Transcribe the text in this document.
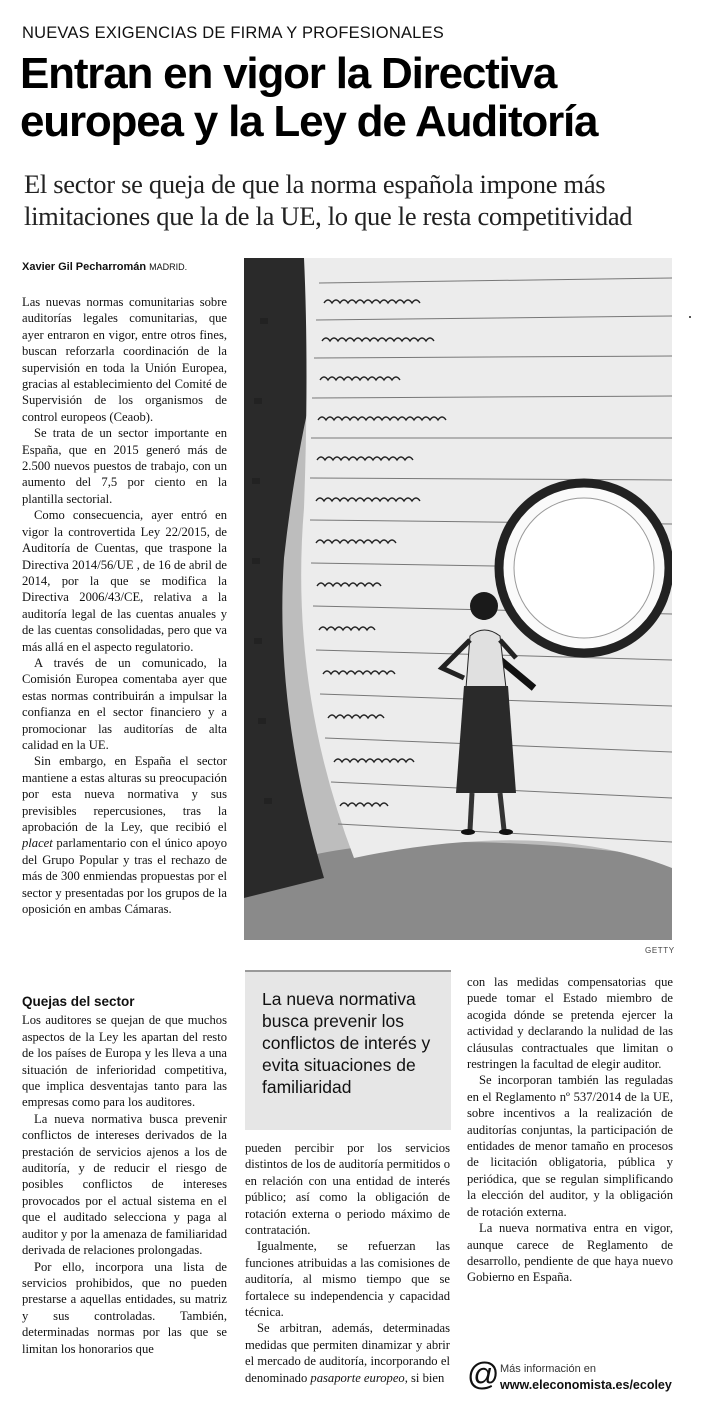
NUEVAS EXIGENCIAS DE FIRMA Y PROFESIONALES
Entran en vigor la Directiva europea y la Ley de Auditoría

El sector se queja de que la norma española impone más limitaciones que la de la UE, lo que le resta competitividad

Xavier Gil Pecharromán MADRID.

Las nuevas normas comunitarias sobre auditorías legales comunitarias, que ayer entraron en vigor, entre otros fines, buscan reforzarla coordinación de la supervisión en toda la Unión Europea, gracias al establecimiento del Comité de Supervisión de los organismos de control europeos (Ceaob).

Se trata de un sector importante en España, que en 2015 generó más de 2.500 nuevos puestos de trabajo, con un aumento del 7,5 por ciento en la plantilla sectorial.

Como consecuencia, ayer entró en vigor la controvertida Ley 22/2015, de Auditoría de Cuentas, que traspone la Directiva 2014/56/UE , de 16 de abril de 2014, por la que se modifica la Directiva 2006/43/CE, relativa a la auditoría legal de las cuentas anuales y de las cuentas consolidadas, pero que va más allá en el aspecto regulatorio.

A través de un comunicado, la Comisión Europea comentaba ayer que estas normas contribuirán a impulsar la confianza en el sector financiero y a promocionar las auditorías de alta calidad en la UE.

Sin embargo, en España el sector mantiene a estas alturas su preocupación por esta nueva normativa y sus previsibles repercusiones, tras la aprobación de la Ley, que recibió el placet parlamentario con el único apoyo del Grupo Popular y tras el rechazo de más de 300 enmiendas propuestas por el sector y presentadas por los grupos de la oposición en ambas Cámaras.

Quejas del sector

Los auditores se quejan de que muchos aspectos de la Ley les apartan del resto de los países de Europa y les lleva a una situación de inferioridad competitiva, que implica desventajas tanto para las empresas como para los auditores.

La nueva normativa busca prevenir conflictos de intereses derivados de la prestación de servicios ajenos a los de auditoría, y de reducir el riesgo de posibles conflictos de intereses provocados por el actual sistema en el que el auditado selecciona y paga al auditor y por la amenaza de familiaridad derivada de relaciones prolongadas.

Por ello, incorpora una lista de servicios prohibidos, que no pueden prestarse a aquellas entidades, su matriz y sus controladas. También, determinadas normas por las que se limitan los honorarios que

GETTY
La nueva normativa busca prevenir los conflictos de interés y evita situaciones de familiaridad

pueden percibir por los servicios distintos de los de auditoría permitidos o en relación con una entidad de interés público; así como la obligación de rotación externa o periodo máximo de contratación.

Igualmente, se refuerzan las funciones atribuidas a las comisiones de auditoría, al mismo tiempo que se fortalece su independencia y capacidad técnica.

Se arbitran, además, determinadas medidas que permiten dinamizar y abrir el mercado de auditoría, incorporando el denominado pasaporte europeo, si bien

con las medidas compensatorias que puede tomar el Estado miembro de acogida dónde se pretenda ejercer la actividad y declarando la nulidad de las cláusulas contractuales que limitan o restringen la facultad de elegir auditor.

Se incorporan también las reguladas en el Reglamento nº 537/2014 de la UE, sobre incentivos a la realización de auditorías conjuntas, la participación de entidades de menor tamaño en procesos de licitación obligatoria, pública y periódica, que se regulan simplificando la elección del auditor, y la obligación de rotación externa.

La nueva normativa entra en vigor, aunque carece de Reglamento de desarrollo, pendiente de que haya nuevo Gobierno en España.

@ Más información en
www.eleconomista.es/ecoley
